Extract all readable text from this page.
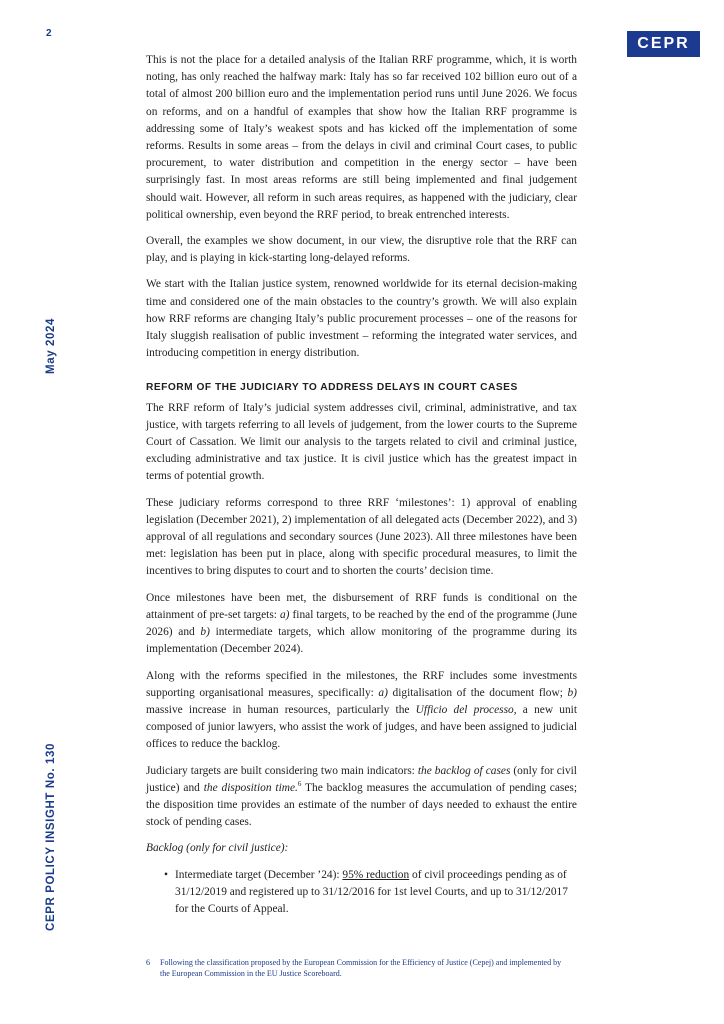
2
CEPR
May 2024
CEPR POLICY INSIGHT No. 130

This is not the place for a detailed analysis of the Italian RRF programme, which, it is worth noting, has only reached the halfway mark: Italy has so far received 102 billion euro out of a total of almost 200 billion euro and the implementation period runs until June 2026. We focus on reforms, and on a handful of examples that show how the Italian RRF programme is addressing some of Italy’s weakest spots and has kicked off the implementation of some reforms. Results in some areas – from the delays in civil and criminal Court cases, to public procurement, to water distribution and competition in the energy sector – have been surprisingly fast. In most areas reforms are still being implemented and final judgement should wait. However, all reform in such areas requires, as happened with the judiciary, clear political ownership, even beyond the RRF period, to break entrenched interests.

Overall, the examples we show document, in our view, the disruptive role that the RRF can play, and is playing in kick-starting long-delayed reforms.

We start with the Italian justice system, renowned worldwide for its eternal decision-making time and considered one of the main obstacles to the country’s growth. We will also explain how RRF reforms are changing Italy’s public procurement processes – one of the reasons for Italy sluggish realisation of public investment – reforming the integrated water services, and introducing competition in energy distribution.

REFORM OF THE JUDICIARY TO ADDRESS DELAYS IN COURT CASES

The RRF reform of Italy’s judicial system addresses civil, criminal, administrative, and tax justice, with targets referring to all levels of judgement, from the lower courts to the Supreme Court of Cassation. We limit our analysis to the targets related to civil and criminal justice, excluding administrative and tax justice. It is civil justice which has the greatest impact in terms of potential growth.

These judiciary reforms correspond to three RRF ‘milestones’: 1) approval of enabling legislation (December 2021), 2) implementation of all delegated acts (December 2022), and 3) approval of all regulations and secondary sources (June 2023). All three milestones have been met: legislation has been put in place, along with specific procedural measures, to limit the incentives to bring disputes to court and to shorten the courts’ decision time.

Once milestones have been met, the disbursement of RRF funds is conditional on the attainment of pre-set targets: a) final targets, to be reached by the end of the programme (June 2026) and b) intermediate targets, which allow monitoring of the programme during its implementation (December 2024).

Along with the reforms specified in the milestones, the RRF includes some investments supporting organisational measures, specifically: a) digitalisation of the document flow; b) massive increase in human resources, particularly the Ufficio del processo, a new unit composed of junior lawyers, who assist the work of judges, and have been assigned to judicial offices to reduce the backlog.

Judiciary targets are built considering two main indicators: the backlog of cases (only for civil justice) and the disposition time.$^6$ The backlog measures the accumulation of pending cases; the disposition time provides an estimate of the number of days needed to exhaust the entire stock of pending cases.

Backlog (only for civil justice):

• Intermediate target (December ’24): 95% reduction of civil proceedings pending as of 31/12/2019 and registered up to 31/12/2016 for 1st level Courts, and up to 31/12/2017 for the Courts of Appeal.
6	Following the classification proposed by the European Commission for the Efficiency of Justice (Cepej) and implemented by the European Commission in the EU Justice Scoreboard.
